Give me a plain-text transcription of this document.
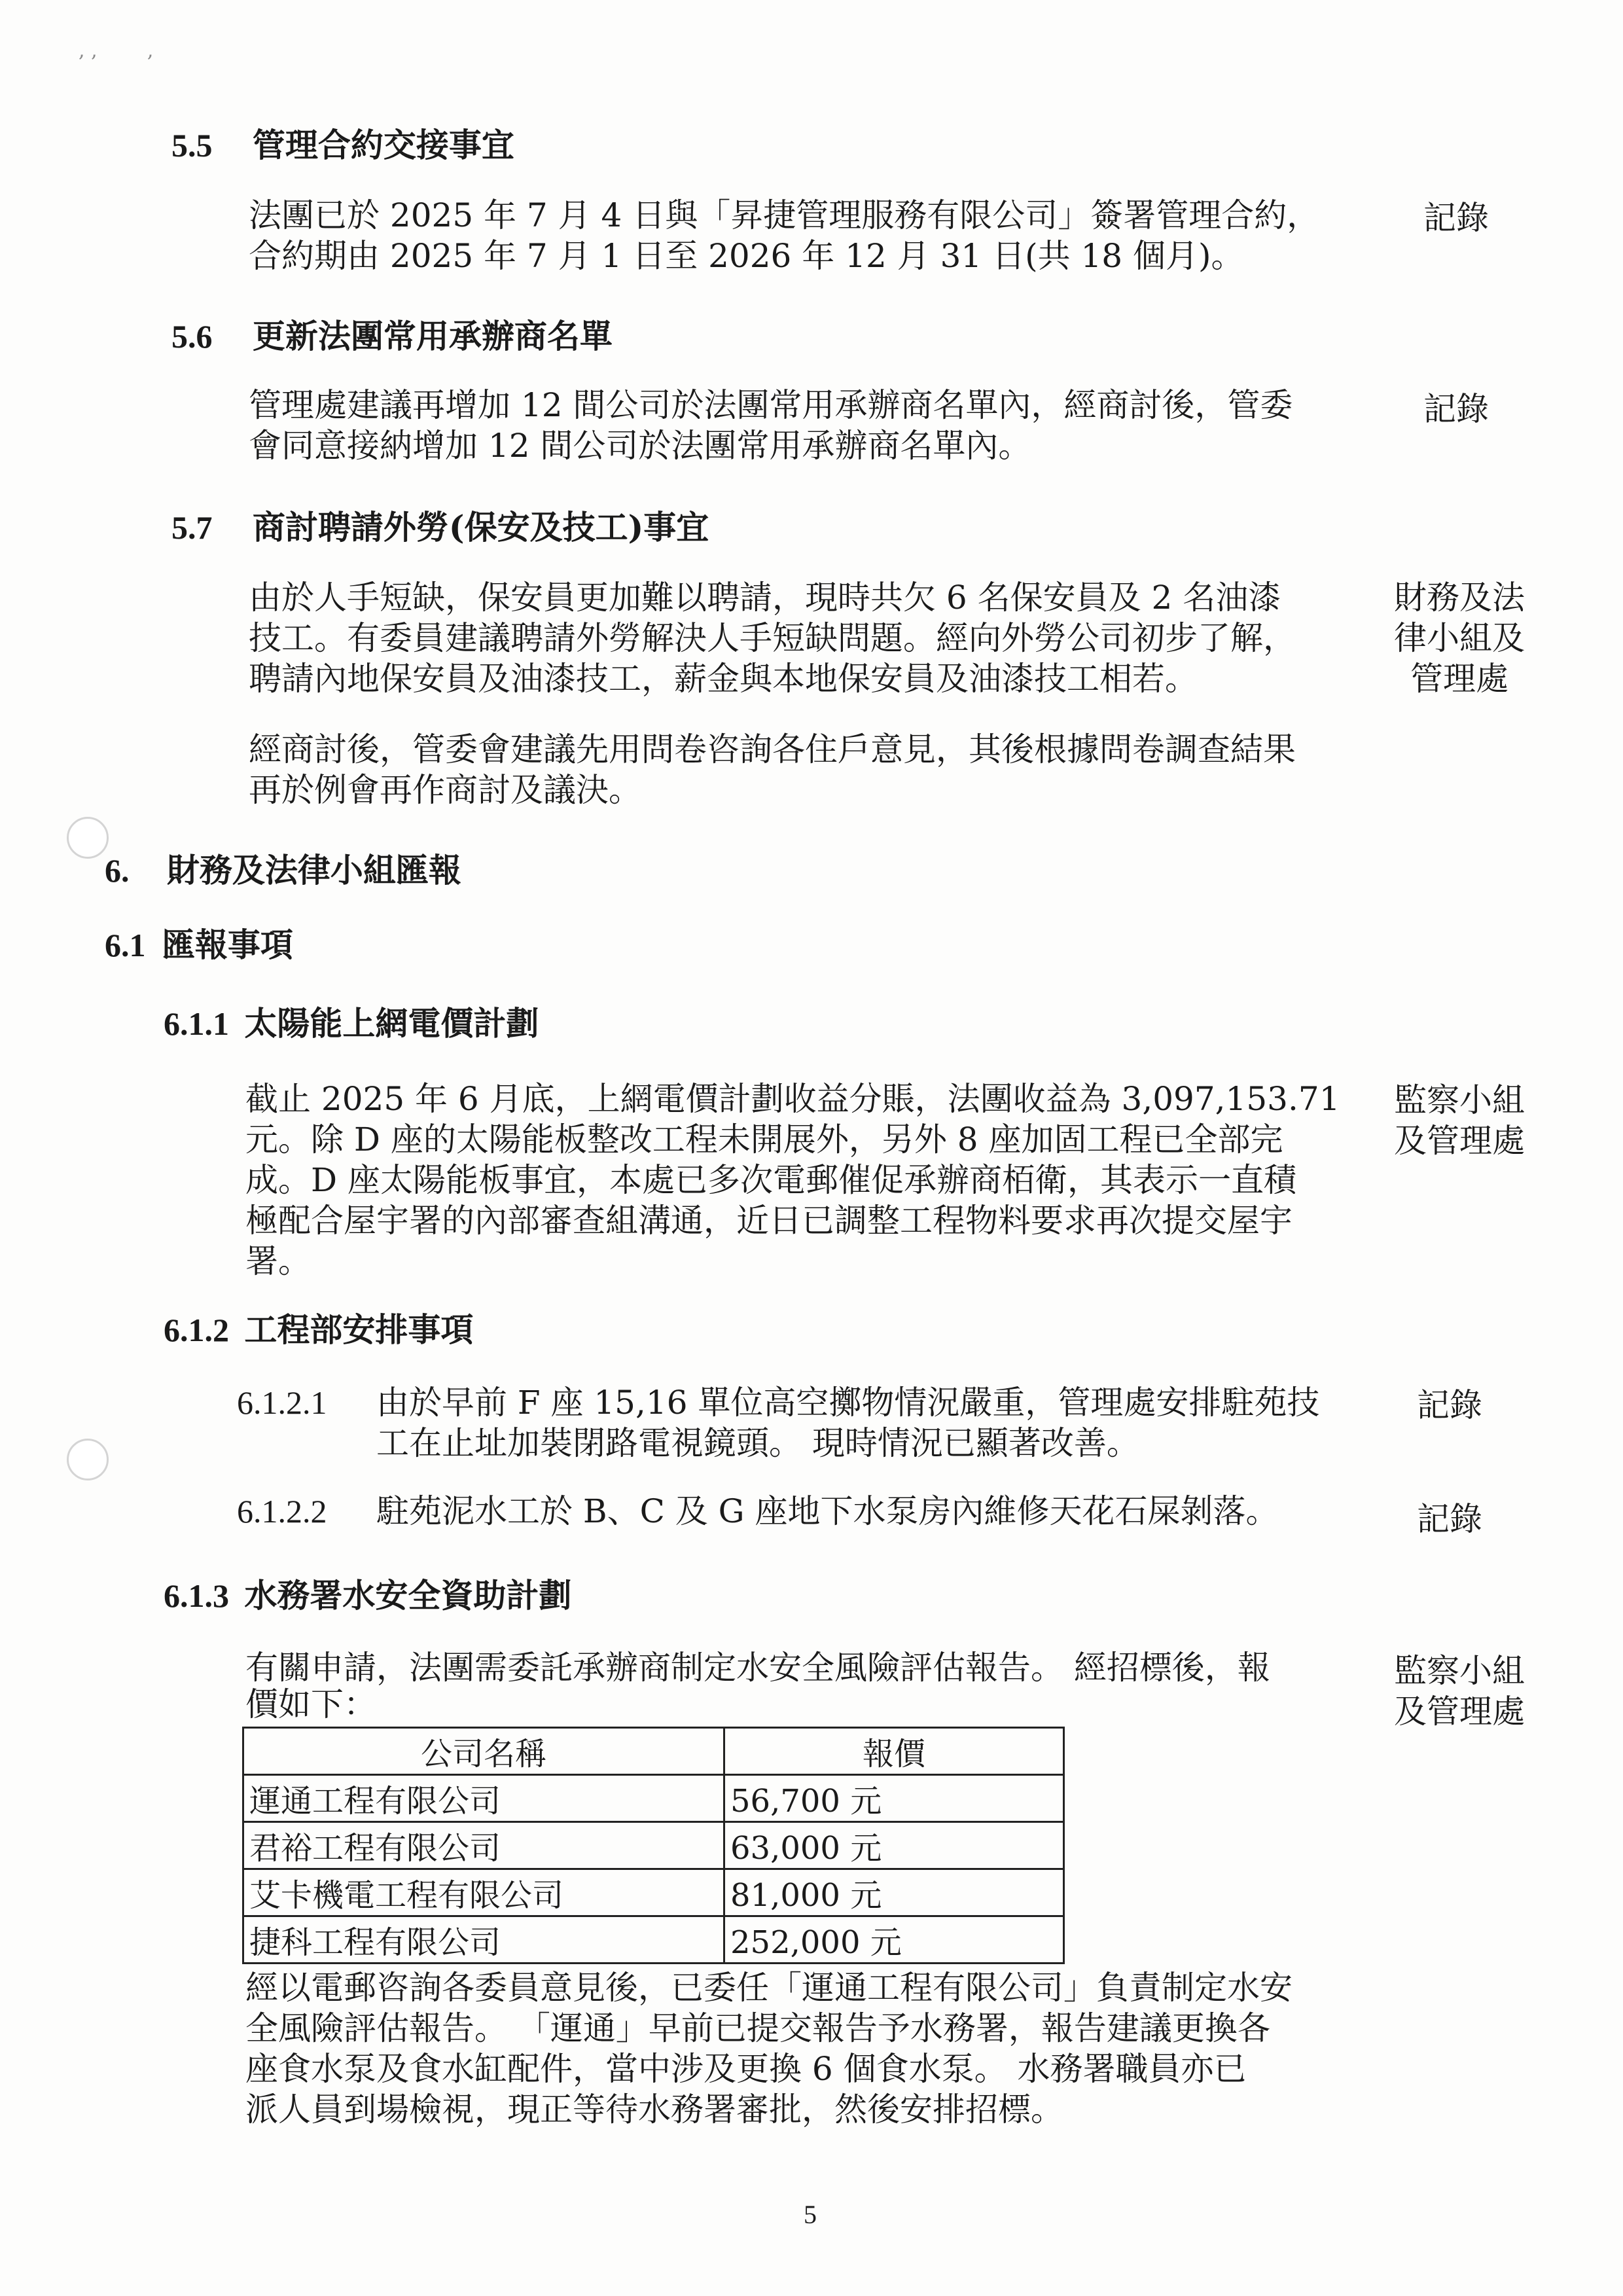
, ,        ,
5.5 管理合約交接事宜
法團已於 2025 年 7 月 4 日與「昇捷管理服務有限公司」簽署管理合約，
合約期由 2025 年 7 月 1 日至 2026 年 12 月 31 日(共 18 個月)。
記錄
5.6 更新法團常用承辦商名單
管理處建議再增加 12 間公司於法團常用承辦商名單內，經商討後，管委
會同意接納增加 12 間公司於法團常用承辦商名單內。
記錄
5.7 商討聘請外勞(保安及技工)事宜
由於人手短缺，保安員更加難以聘請，現時共欠 6 名保安員及 2 名油漆
技工。有委員建議聘請外勞解決人手短缺問題。經向外勞公司初步了解，
聘請內地保安員及油漆技工，薪金與本地保安員及油漆技工相若。
財務及法
律小組及
管理處
經商討後，管委會建議先用問卷咨詢各住戶意見，其後根據問卷調查結果
再於例會再作商討及議決。
6. 財務及法律小組匯報
6.1 匯報事項
6.1.1 太陽能上網電價計劃
截止 2025 年 6 月底，上網電價計劃收益分賬，法團收益為 3,097,153.71
元。除 D 座的太陽能板整改工程未開展外，另外 8 座加固工程已全部完
成。D 座太陽能板事宜，本處已多次電郵催促承辦商栢衛，其表示一直積
極配合屋宇署的內部審查組溝通，近日已調整工程物料要求再次提交屋宇
署。
監察小組
及管理處
6.1.2 工程部安排事項
6.1.2.1 由於早前 F 座 15,16 單位高空擲物情況嚴重，管理處安排駐苑技
工在止址加裝閉路電視鏡頭。 現時情況已顯著改善。
記錄
6.1.2.2 駐苑泥水工於 B、C 及 G 座地下水泵房內維修天花石屎剝落。	記錄
6.1.3 水務署水安全資助計劃
有關申請，法團需委託承辦商制定水安全風險評估報告。 經招標後，報
價如下：
監察小組
及管理處
公司名稱	報價
運通工程有限公司	56,700 元
君裕工程有限公司	63,000 元
艾卡機電工程有限公司	81,000 元
捷科工程有限公司	252,000 元
經以電郵咨詢各委員意見後，已委任「運通工程有限公司」負責制定水安
全風險評估報告。 「運通」早前已提交報告予水務署，報告建議更換各
座食水泵及食水缸配件，當中涉及更換 6 個食水泵。 水務署職員亦已
派人員到場檢視，現正等待水務署審批，然後安排招標。
5
